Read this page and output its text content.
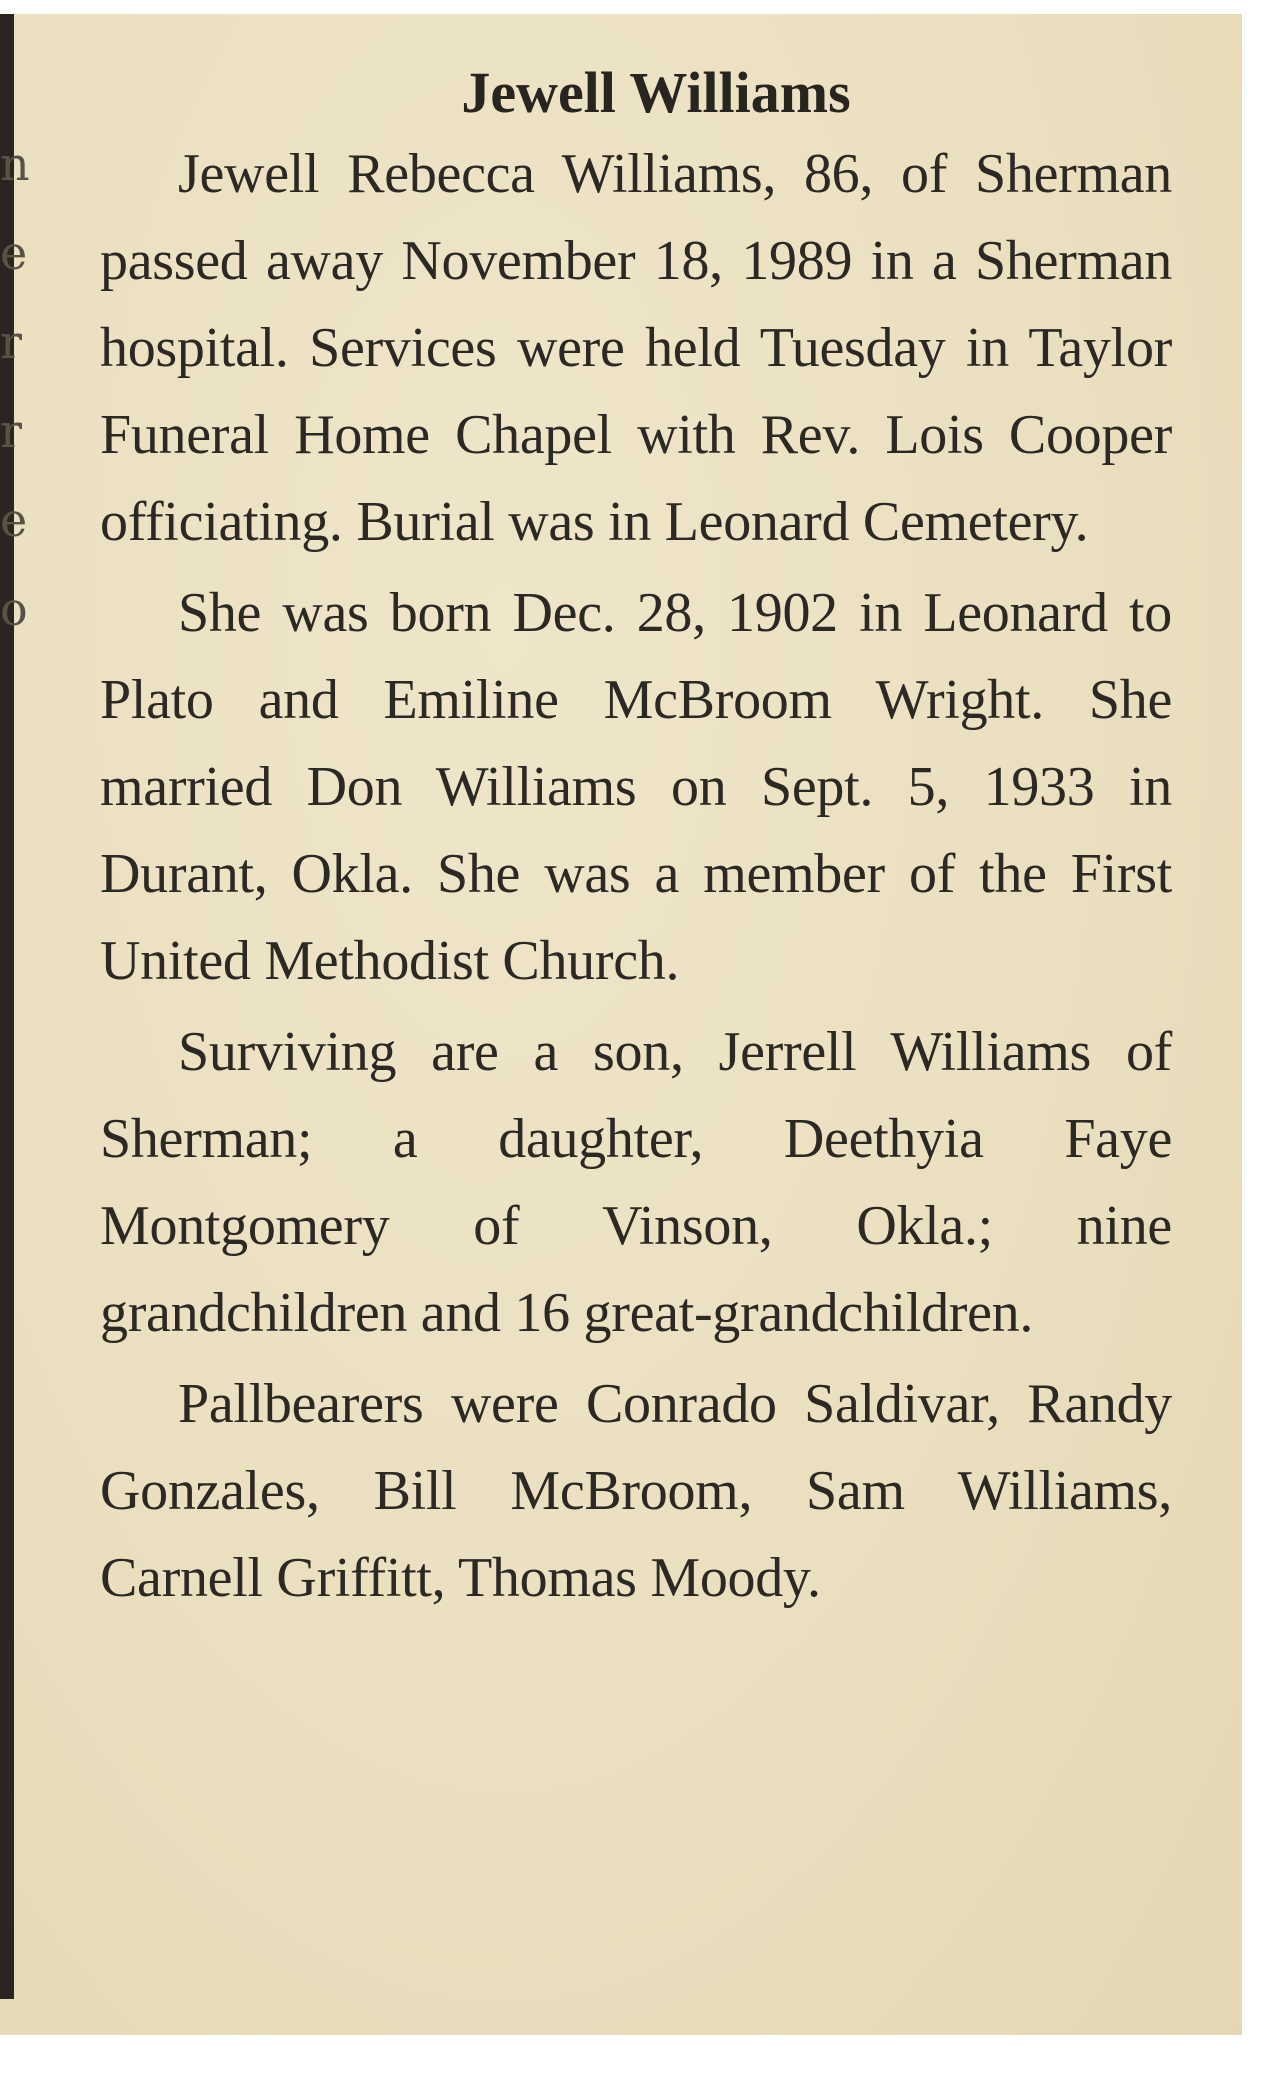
n
e
r
r
e
o
Jewell Williams

Jewell Rebecca Williams, 86, of Sherman passed away November 18, 1989 in a Sherman hospital. Services were held Tuesday in Taylor Funeral Home Chapel with Rev. Lois Cooper officiating. Burial was in Leonard Cemetery.

She was born Dec. 28, 1902 in Leonard to Plato and Emiline McBroom Wright. She married Don Williams on Sept. 5, 1933 in Durant, Okla. She was a member of the First United Methodist Church.

Surviving are a son, Jerrell Williams of Sherman; a daughter, Deethyia Faye Montgomery of Vinson, Okla.; nine grandchildren and 16 great-grandchildren.

Pallbearers were Conrado Saldivar, Randy Gonzales, Bill McBroom, Sam Williams, Carnell Griffitt, Thomas Moody.
